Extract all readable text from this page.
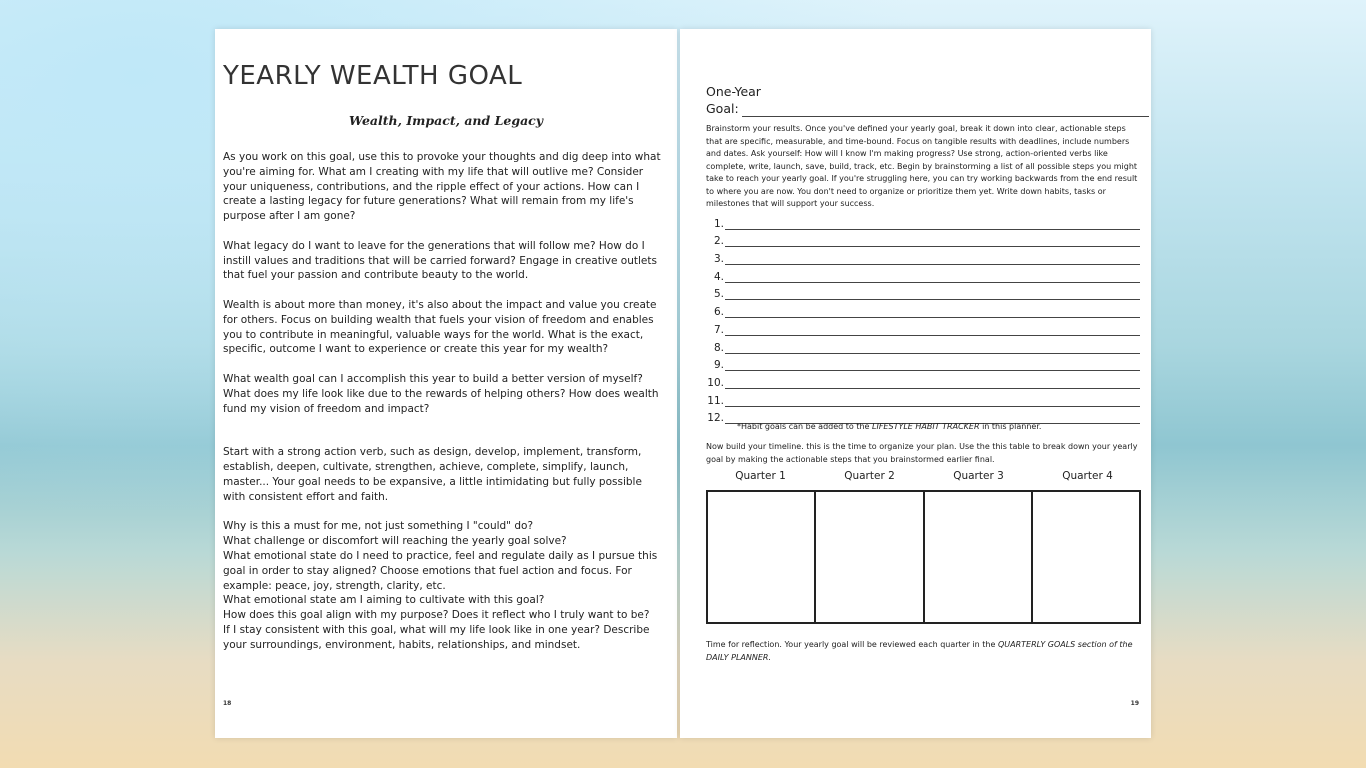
YEARLY WEALTH GOAL
Wealth, Impact, and Legacy

As you work on this goal, use this to provoke your thoughts and dig deep into what you're aiming for. What am I creating with my life that will outlive me? Consider your uniqueness, contributions, and the ripple effect of your actions. How can I create a lasting legacy for future generations? What will remain from my life's purpose after I am gone?

What legacy do I want to leave for the generations that will follow me? How do I instill values and traditions that will be carried forward? Engage in creative outlets that fuel your passion and contribute beauty to the world.

Wealth is about more than money, it's also about the impact and value you create for others. Focus on building wealth that fuels your vision of freedom and enables you to contribute in meaningful, valuable ways for the world. What is the exact, specific, outcome I want to experience or create this year for my wealth?

What wealth goal can I accomplish this year to build a better version of myself? What does my life look like due to the rewards of helping others? How does wealth fund my vision of freedom and impact?

Start with a strong action verb, such as design, develop, implement, transform, establish, deepen, cultivate, strengthen, achieve, complete, simplify, launch, master... Your goal needs to be expansive, a little intimidating but fully possible with consistent effort and faith.

Why is this a must for me, not just something I "could" do?
What challenge or discomfort will reaching the yearly goal solve?
What emotional state do I need to practice, feel and regulate daily as I pursue this goal in order to stay aligned? Choose emotions that fuel action and focus. For example: peace, joy, strength, clarity, etc.
What emotional state am I aiming to cultivate with this goal?
How does this goal align with my purpose? Does it reflect who I truly want to be?
If I stay consistent with this goal, what will my life look like in one year? Describe your surroundings, environment, habits, relationships, and mindset.
18
One-Year
Goal:
Brainstorm your results. Once you've defined your yearly goal, break it down into clear, actionable steps that are specific, measurable, and time-bound. Focus on tangible results with deadlines, include numbers and dates. Ask yourself: How will I know I'm making progress? Use strong, action-oriented verbs like complete, write, launch, save, build, track, etc. Begin by brainstorming a list of all possible steps you might take to reach your yearly goal. If you're struggling here, you can try working backwards from the end result to where you are now. You don't need to organize or prioritize them yet. Write down habits, tasks or milestones that will support your success.
1.
2.
3.
4.
5.
6.
7.
8.
9.
10.
11.
12.
*Habit goals can be added to the LIFESTYLE HABIT TRACKER in this planner.
Now build your timeline. this is the time to organize your plan. Use the this table to break down your yearly goal by making the actionable steps that you brainstormed earlier final.
Quarter 1	Quarter 2	Quarter 3	Quarter 4
Time for reflection. Your yearly goal will be reviewed each quarter in the QUARTERLY GOALS section of the DAILY PLANNER.
19
